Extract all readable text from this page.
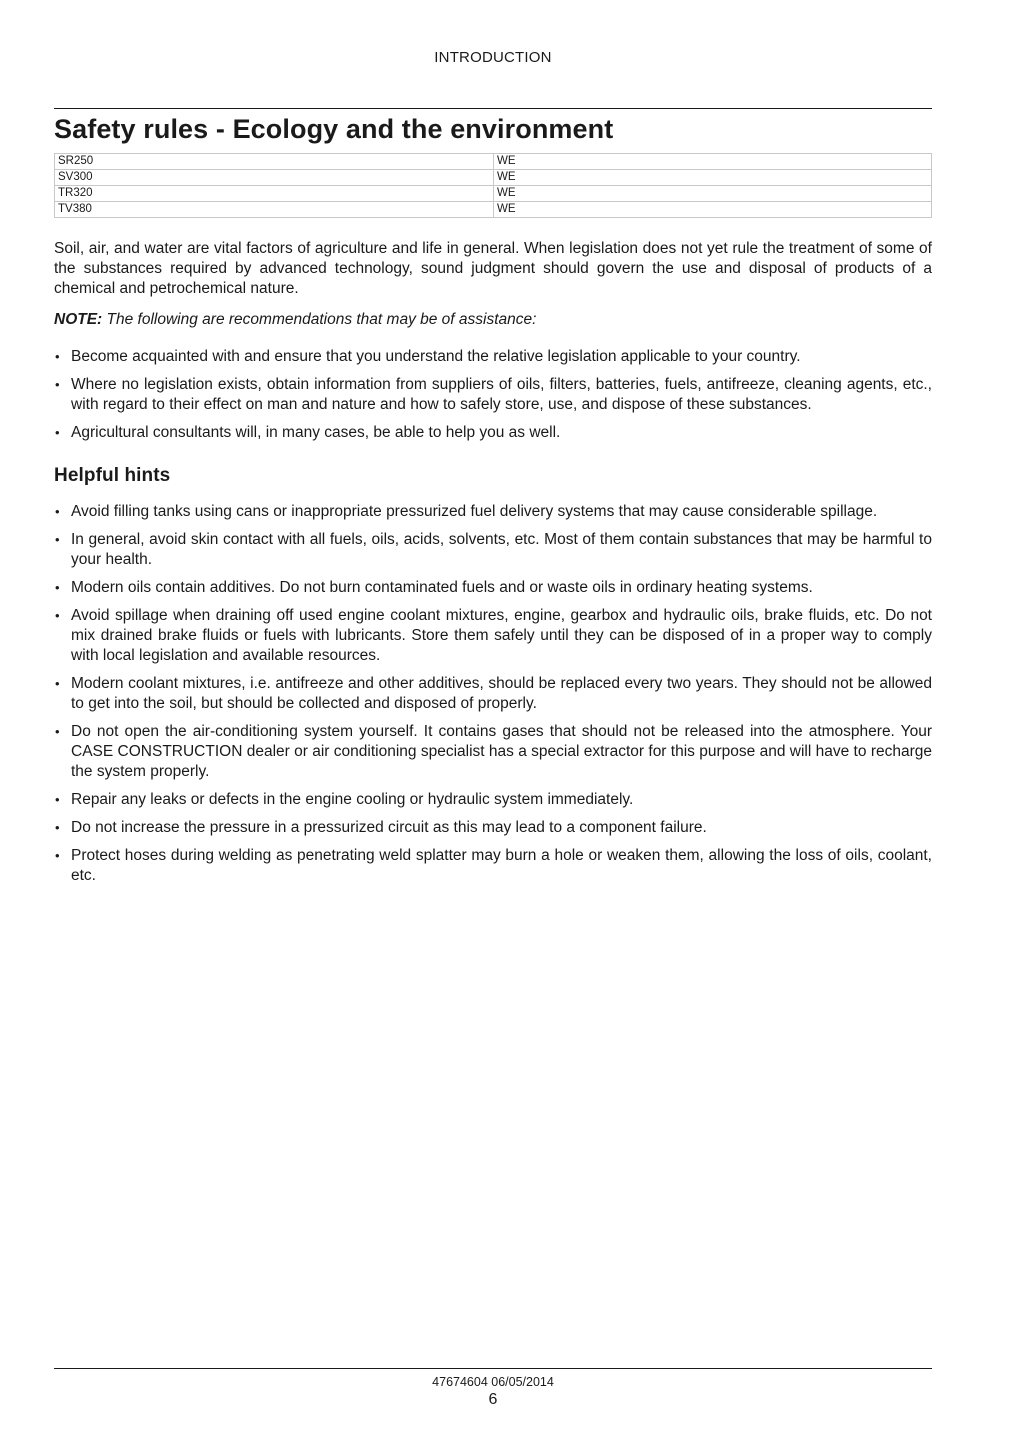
INTRODUCTION
Safety rules - Ecology and the environment
SR250	WE
SV300	WE
TR320	WE
TV380	WE

Soil, air, and water are vital factors of agriculture and life in general. When legislation does not yet rule the treatment of some of the substances required by advanced technology, sound judgment should govern the use and disposal of products of a chemical and petrochemical nature.

NOTE: The following are recommendations that may be of assistance:

• Become acquainted with and ensure that you understand the relative legislation applicable to your country.
• Where no legislation exists, obtain information from suppliers of oils, filters, batteries, fuels, antifreeze, cleaning agents, etc., with regard to their effect on man and nature and how to safely store, use, and dispose of these substances.
• Agricultural consultants will, in many cases, be able to help you as well.

Helpful hints

• Avoid filling tanks using cans or inappropriate pressurized fuel delivery systems that may cause considerable spillage.
• In general, avoid skin contact with all fuels, oils, acids, solvents, etc. Most of them contain substances that may be harmful to your health.
• Modern oils contain additives. Do not burn contaminated fuels and or waste oils in ordinary heating systems.
• Avoid spillage when draining off used engine coolant mixtures, engine, gearbox and hydraulic oils, brake fluids, etc. Do not mix drained brake fluids or fuels with lubricants. Store them safely until they can be disposed of in a proper way to comply with local legislation and available resources.
• Modern coolant mixtures, i.e. antifreeze and other additives, should be replaced every two years. They should not be allowed to get into the soil, but should be collected and disposed of properly.
• Do not open the air-conditioning system yourself. It contains gases that should not be released into the atmosphere. Your CASE CONSTRUCTION dealer or air conditioning specialist has a special extractor for this purpose and will have to recharge the system properly.
• Repair any leaks or defects in the engine cooling or hydraulic system immediately.
• Do not increase the pressure in a pressurized circuit as this may lead to a component failure.
• Protect hoses during welding as penetrating weld splatter may burn a hole or weaken them, allowing the loss of oils, coolant, etc.
47674604 06/05/2014
6
